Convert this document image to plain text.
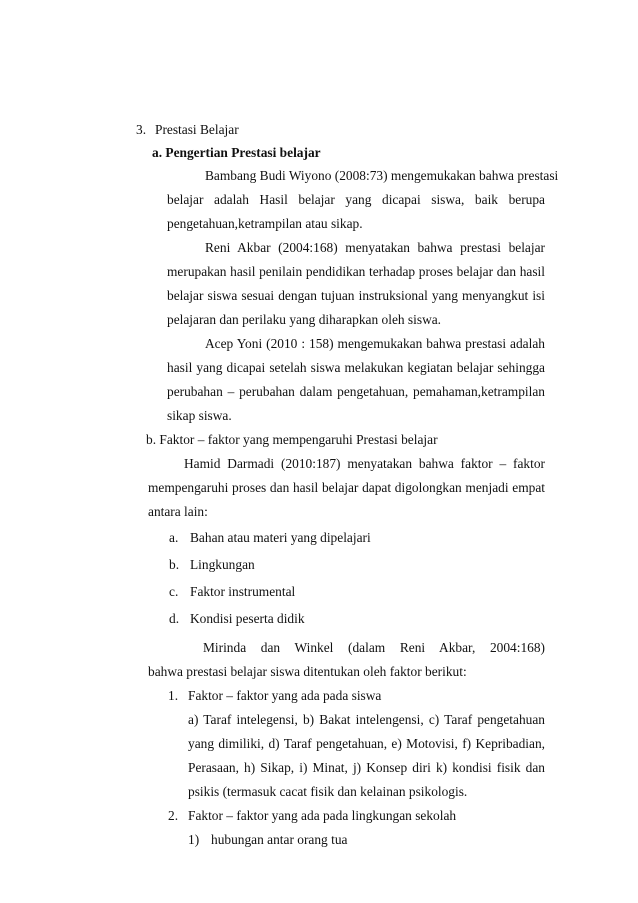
3. Prestasi Belajar
a. Pengertian Prestasi belajar
Bambang Budi Wiyono (2008:73) mengemukakan bahwa prestasi
belajar adalah Hasil belajar yang dicapai siswa, baik berupa
pengetahuan,ketrampilan atau sikap.
Reni Akbar (2004:168) menyatakan bahwa prestasi belajar
merupakan hasil penilain pendidikan terhadap proses belajar dan hasil
belajar siswa sesuai dengan tujuan instruksional yang menyangkut isi
pelajaran dan perilaku yang diharapkan oleh siswa.
Acep Yoni (2010 : 158) mengemukakan bahwa prestasi adalah
hasil yang dicapai setelah siswa melakukan kegiatan belajar sehingga
perubahan – perubahan dalam pengetahuan, pemahaman,ketrampilan
sikap siswa.
b. Faktor – faktor yang mempengaruhi Prestasi belajar
Hamid Darmadi (2010:187) menyatakan bahwa faktor – faktor
mempengaruhi proses dan hasil belajar dapat digolongkan menjadi empat
antara lain:
a. Bahan atau materi yang dipelajari
b. Lingkungan
c. Faktor instrumental
d. Kondisi peserta didik
Mirinda dan Winkel (dalam Reni Akbar, 2004:168)
bahwa prestasi belajar siswa ditentukan oleh faktor berikut:
1. Faktor – faktor yang ada pada siswa
a) Taraf intelegensi, b) Bakat intelengensi, c) Taraf pengetahuan
yang dimiliki, d) Taraf pengetahuan, e) Motovisi, f) Kepribadian,
Perasaan, h) Sikap, i) Minat, j) Konsep diri k) kondisi fisik dan
psikis (termasuk cacat fisik dan kelainan psikologis.
2. Faktor – faktor yang ada pada lingkungan sekolah
1) hubungan antar orang tua
